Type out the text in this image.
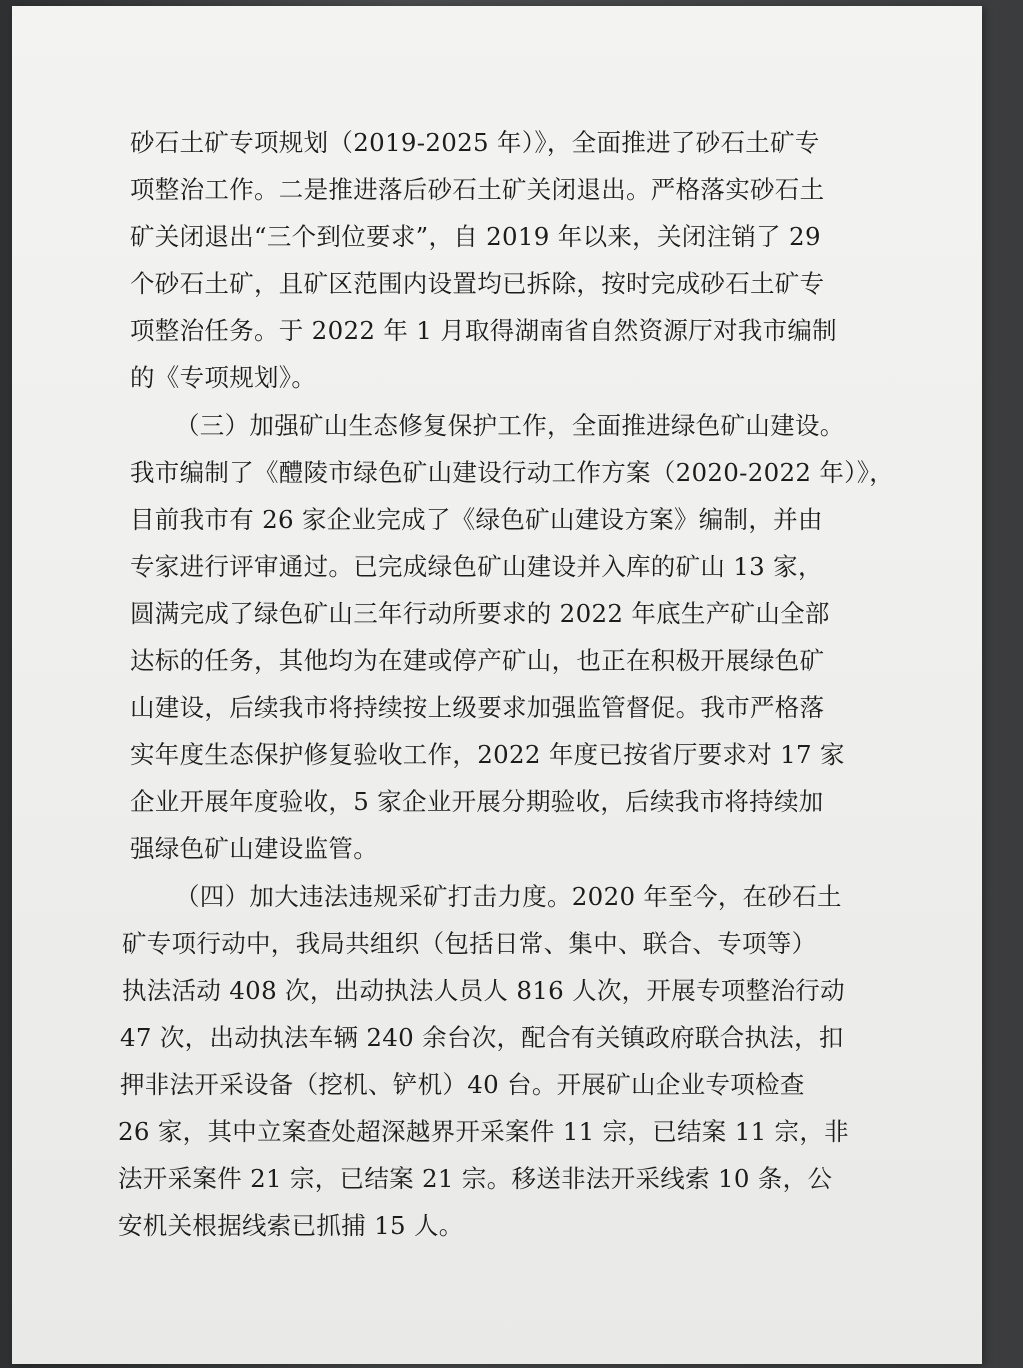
砂石土矿专项规划（2019-2025 年）》，全面推进了砂石土矿专
项整治工作。二是推进落后砂石土矿关闭退出。严格落实砂石土
矿关闭退出“三个到位要求”，自 2019 年以来，关闭注销了 29
个砂石土矿，且矿区范围内设置均已拆除，按时完成砂石土矿专
项整治任务。于 2022 年 1 月取得湖南省自然资源厅对我市编制
的《专项规划》。
（三）加强矿山生态修复保护工作，全面推进绿色矿山建设。
我市编制了《醴陵市绿色矿山建设行动工作方案（2020-2022 年）》，
目前我市有 26 家企业完成了《绿色矿山建设方案》编制，并由
专家进行评审通过。已完成绿色矿山建设并入库的矿山 13 家，
圆满完成了绿色矿山三年行动所要求的 2022 年底生产矿山全部
达标的任务，其他均为在建或停产矿山，也正在积极开展绿色矿
山建设，后续我市将持续按上级要求加强监管督促。我市严格落
实年度生态保护修复验收工作，2022 年度已按省厅要求对 17 家
企业开展年度验收，5 家企业开展分期验收，后续我市将持续加
强绿色矿山建设监管。
（四）加大违法违规采矿打击力度。2020 年至今，在砂石土
矿专项行动中，我局共组织（包括日常、集中、联合、专项等）
执法活动 408 次，出动执法人员人 816 人次，开展专项整治行动
47 次，出动执法车辆 240 余台次，配合有关镇政府联合执法，扣
押非法开采设备（挖机、铲机）40 台。开展矿山企业专项检查
26 家，其中立案查处超深越界开采案件 11 宗，已结案 11 宗，非
法开采案件 21 宗，已结案 21 宗。移送非法开采线索 10 条，公
安机关根据线索已抓捕 15 人。
